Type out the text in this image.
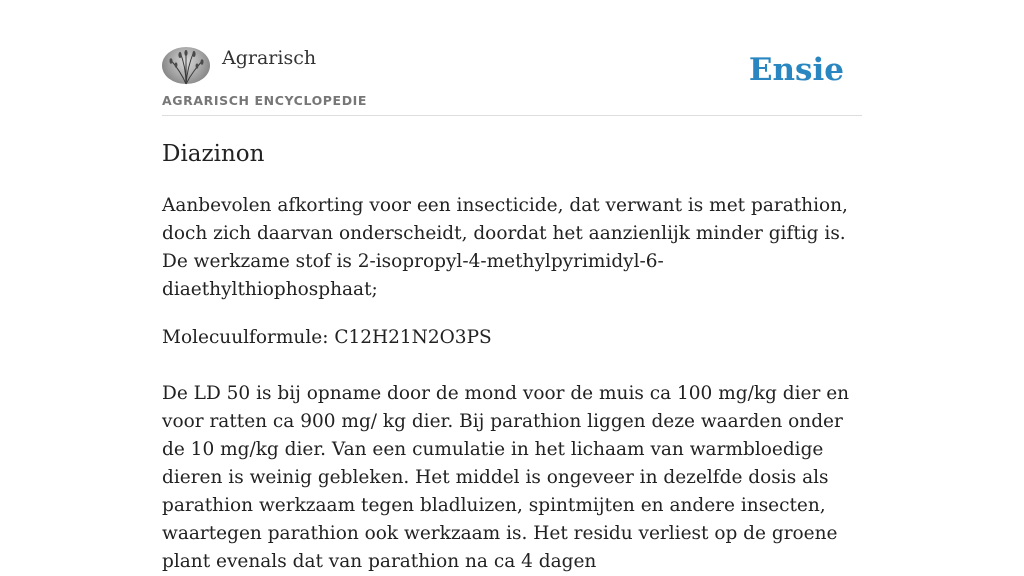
Agrarisch
AGRARISCH ENCYCLOPEDIE
Ensie
Diazinon

Aanbevolen afkorting voor een insecticide, dat verwant is met parathion, doch zich daarvan onderscheidt, doordat het aanzienlijk minder giftig is. De werkzame stof is 2-isopropyl-4-methylpyrimidyl-6-diaethylthiophosphaat;

Molecuulformule: C12H21N2O3PS

De LD 50 is bij opname door de mond voor de muis ca 100 mg/kg dier en voor ratten ca 900 mg/ kg dier. Bij parathion liggen deze waarden onder de 10 mg/kg dier. Van een cumulatie in het lichaam van warmbloedige dieren is weinig gebleken. Het middel is ongeveer in dezelfde dosis als parathion werkzaam tegen bladluizen, spintmijten en andere insecten, waartegen parathion ook werkzaam is. Het residu verliest op de groene plant evenals dat van parathion na ca 4 dagen
